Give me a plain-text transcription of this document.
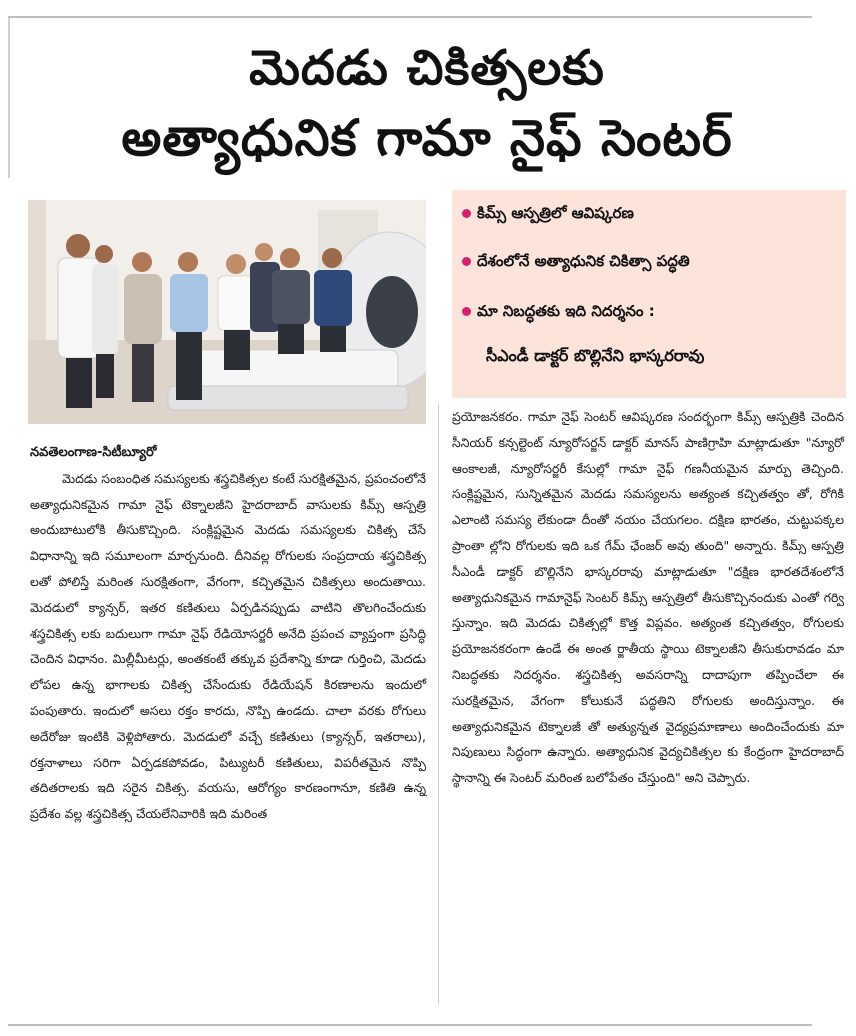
మెదడు చికిత్సలకు
అత్యాధునిక గామా నైఫ్ సెంటర్
కిమ్స్ ఆస్పత్రిలో ఆవిష్కరణ
దేశంలోనే అత్యాధునిక చికిత్సా పద్ధతి
మా నిబద్ధతకు ఇది నిదర్శనం :
సీఎండీ డాక్టర్ బొల్లినేని భాస్కరరావు
నవతెలంగాణ-సిటీబ్యూరో

మెదడు సంబంధిత సమస్యలకు శస్త్రచికిత్సల కంటే సురక్షితమైన, ప్రపంచంలోనే అత్యాధునికమైన గామా నైఫ్ టెక్నాలజీని హైదరాబాద్ వాసులకు కిమ్స్ ఆస్పత్రి అందుబాటులోకి తీసుకొచ్చింది. సంక్లిష్టమైన మెదడు సమస్యలకు చికిత్స చేసే విధానాన్ని ఇది సమూలంగా మార్చనుంది. దీనివల్ల రోగులకు సంప్రదాయ శస్త్రచికిత్స లతో పోలిస్తే మరింత సురక్షితంగా, వేగంగా, కచ్చితమైన చికిత్సలు అందుతాయి. మెదడులో క్యాన్సర్, ఇతర కణితులు ఏర్పడినప్పుడు వాటిని తొలగించేందుకు శస్త్రచికిత్స లకు బదులుగా గామా నైఫ్ రేడియోసర్జరీ అనేది ప్రపంచ వ్యాప్తంగా ప్రసిద్ధి చెందిన విధానం. మిల్లీమీటర్లు, అంతకంటే తక్కువ ప్రదేశాన్ని కూడా గుర్తించి, మెదడు లోపల ఉన్న భాగాలకు చికిత్స చేసేందుకు రేడియేషన్ కిరణాలను ఇందులో పంపుతారు. ఇందులో అసలు రక్తం కారదు, నొప్పి ఉండదు. చాలా వరకు రోగులు అదేరోజు ఇంటికి వెళ్లిపోతారు. మెదడులో వచ్చే కణితులు (క్యాన్సర్, ఇతరాలు), రక్తనాళాలు సరిగా ఏర్పడకపోవడం, పిట్యుటరీ కణితులు, విపరీతమైన నొప్పి తదితరాలకు ఇది సరైన చికిత్స. వయసు, ఆరోగ్యం కారణంగానూ, కణితి ఉన్న ప్రదేశం వల్ల శస్త్రచికిత్స చేయలేనివారికి ఇది మరింత

ప్రయోజనకరం. గామా నైఫ్ సెంటర్ ఆవిష్కరణ సందర్భంగా కిమ్స్ ఆస్పత్రికి చెందిన సీనియర్ కన్సల్టెంట్ న్యూరోసర్జన్ డాక్టర్ మానస్ పాణిగ్రాహి మాట్లాడుతూ "న్యూరో ఆంకాలజీ, న్యూరోసర్జరీ కేసుల్లో గామా నైఫ్ గణనీయమైన మార్పు తెచ్చింది. సంక్లిష్టమైన, సున్నితమైన మెదడు సమస్యలను అత్యంత కచ్చితత్వం తో, రోగికి ఎలాంటి సమస్య లేకుండా దీంతో నయం చేయగలం. దక్షిణ భారతం, చుట్టుపక్కల ప్రాంతా ల్లోని రోగులకు ఇది ఒక గేమ్ ఛేంజర్ అవు తుంది" అన్నారు. కిమ్స్ ఆస్పత్రి సీఎండీ డాక్టర్ బొల్లినేని భాస్కరరావు మాట్లాడుతూ "దక్షిణ భారతదేశంలోనే అత్యాధునికమైన గామానైఫ్ సెంటర్ కిమ్స్ ఆస్పత్రిలో తీసుకొచ్చినందుకు ఎంతో గర్వి స్తున్నాం. ఇది మెదడు చికిత్సల్లో కొత్త విప్లవం. అత్యంత కచ్చితత్వం, రోగులకు ప్రయోజనకరంగా ఉండే ఈ అంత ర్జాతీయ స్థాయి టెక్నాలజీని తీసుకురావడం మా నిబద్ధతకు నిదర్శనం. శస్త్రచికిత్స అవసరాన్ని దాదాపుగా తప్పించేలా ఈ సురక్షితమైన, వేగంగా కోలుకునే పద్ధతిని రోగులకు అందిస్తున్నాం. ఈ అత్యాధునికమైన టెక్నాలజీ తో అత్యున్నత వైద్యప్రమాణాలు అందించేందుకు మా నిపుణులు సిద్ధంగా ఉన్నారు. అత్యాధునిక వైద్యచికిత్సల కు కేంద్రంగా హైదరాబాద్ స్థానాన్ని ఈ సెంటర్ మరింత బలోపేతం చేస్తుంది" అని చెప్పారు.
